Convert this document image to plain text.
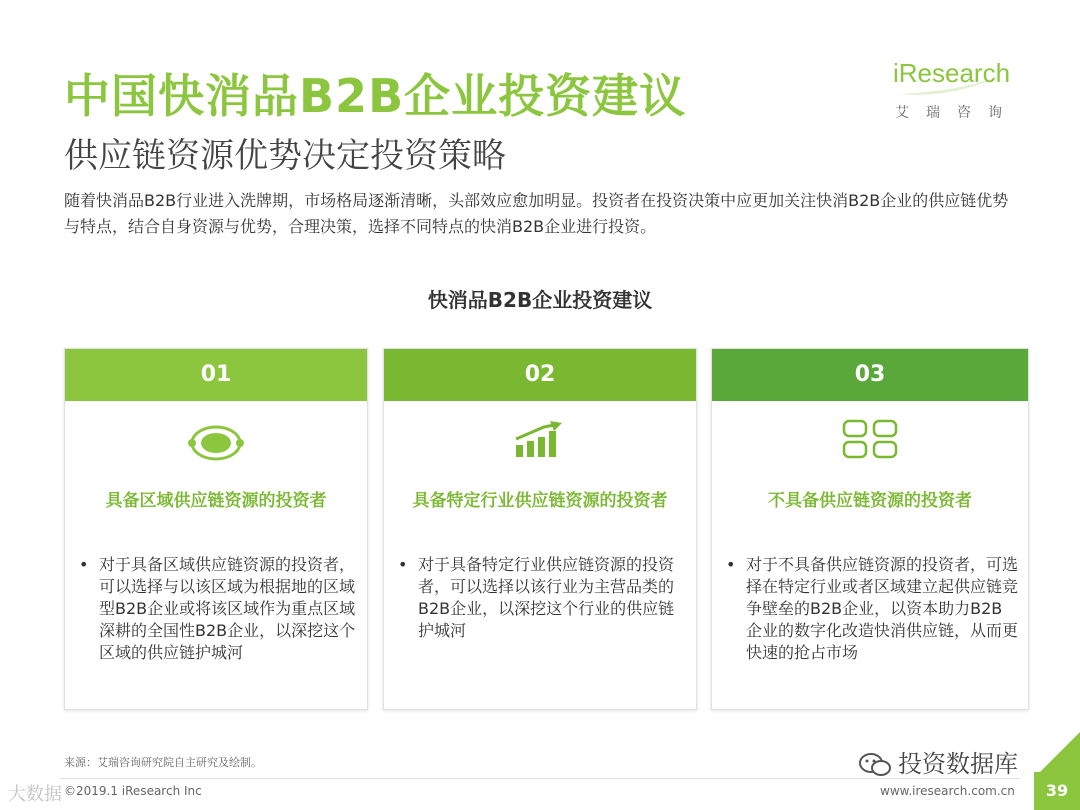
中国快消品B2B企业投资建议
供应链资源优势决定投资策略
随着快消品B2B行业进入洗牌期，市场格局逐渐清晰，头部效应愈加明显。投资者在投资决策中应更加关注快消B2B企业的供应链优势与特点，结合自身资源与优势，合理决策，选择不同特点的快消B2B企业进行投资。
iResearch
艾瑞咨询
快消品B2B企业投资建议
01
具备区域供应链资源的投资者
• 对于具备区域供应链资源的投资者，可以选择与以该区域为根据地的区域型B2B企业或将该区域作为重点区域深耕的全国性B2B企业，以深挖这个区域的供应链护城河
02
具备特定行业供应链资源的投资者
• 对于具备特定行业供应链资源的投资者，可以选择以该行业为主营品类的B2B企业，以深挖这个行业的供应链护城河
03
不具备供应链资源的投资者
• 对于不具备供应链资源的投资者，可选择在特定行业或者区域建立起供应链竞争壁垒的B2B企业，以资本助力B2B企业的数字化改造快消供应链，从而更快速的抢占市场
来源：艾瑞咨询研究院自主研究及绘制。	投资数据库
©2019.1 iResearch Inc	www.iresearch.com.cn
大数据	39
